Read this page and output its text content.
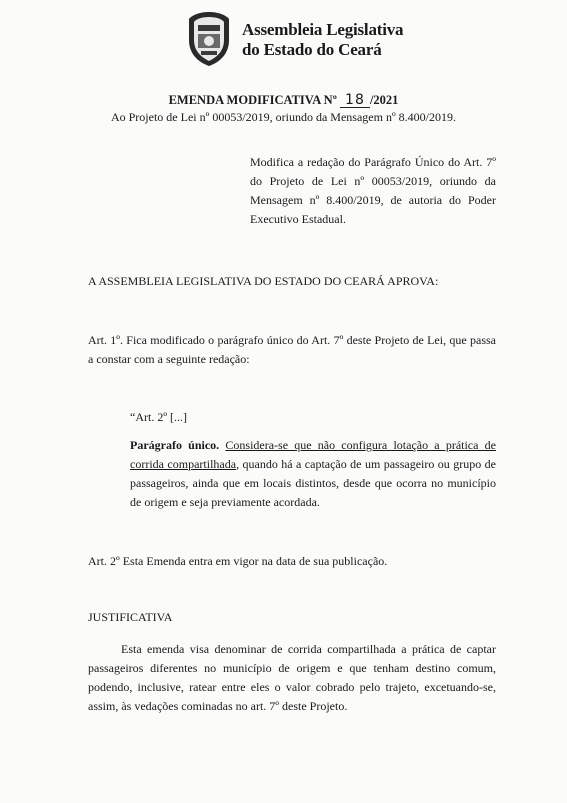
Assembleia Legislativa
do Estado do Ceará
EMENDA MODIFICATIVA Nº 18 /2021
Ao Projeto de Lei nº 00053/2019, oriundo da Mensagem nº 8.400/2019.
Modifica a redação do Parágrafo Único do Art. 7º do Projeto de Lei nº 00053/2019, oriundo da Mensagem nº 8.400/2019, de autoria do Poder Executivo Estadual.
A ASSEMBLEIA LEGISLATIVA DO ESTADO DO CEARÁ APROVA:
Art. 1º. Fica modificado o parágrafo único do Art. 7º deste Projeto de Lei, que passa a constar com a seguinte redação:
“Art. 2º [...]
Parágrafo único. Considera-se que não configura lotação a prática de corrida compartilhada, quando há a captação de um passageiro ou grupo de passageiros, ainda que em locais distintos, desde que ocorra no município de origem e seja previamente acordada.
Art. 2º Esta Emenda entra em vigor na data de sua publicação.
JUSTIFICATIVA
Esta emenda visa denominar de corrida compartilhada a prática de captar passageiros diferentes no município de origem e que tenham destino comum, podendo, inclusive, ratear entre eles o valor cobrado pelo trajeto, excetuando-se, assim, às vedações cominadas no art. 7º deste Projeto.
